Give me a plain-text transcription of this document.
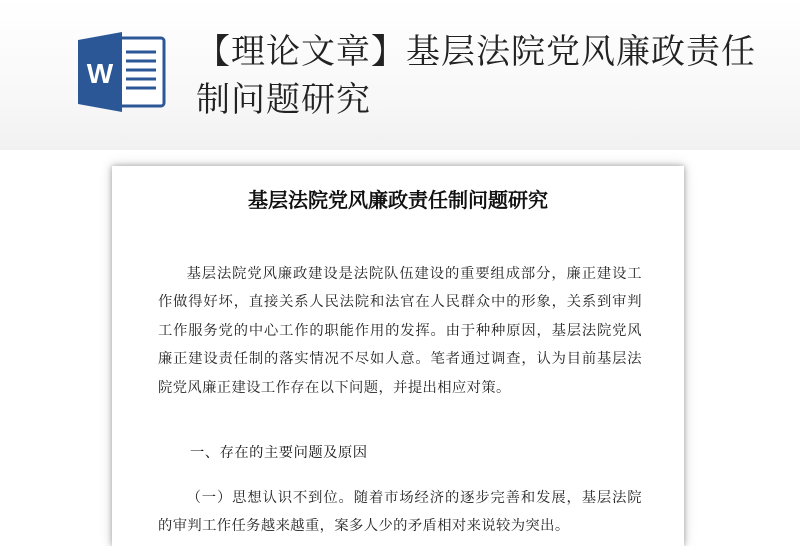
W
【理论文章】基层法院党风廉政责任制问题研究
基层法院党风廉政责任制问题研究

基层法院党风廉政建设是法院队伍建设的重要组成部分，廉正建设工作做得好坏，直接关系人民法院和法官在人民群众中的形象，关系到审判工作服务党的中心工作的职能作用的发挥。由于种种原因，基层法院党风廉正建设责任制的落实情况不尽如人意。笔者通过调查，认为目前基层法院党风廉正建设工作存在以下问题，并提出相应对策。

一、存在的主要问题及原因

（一）思想认识不到位。随着市场经济的逐步完善和发展，基层法院的审判工作任务越来越重，案多人少的矛盾相对来说较为突出。
